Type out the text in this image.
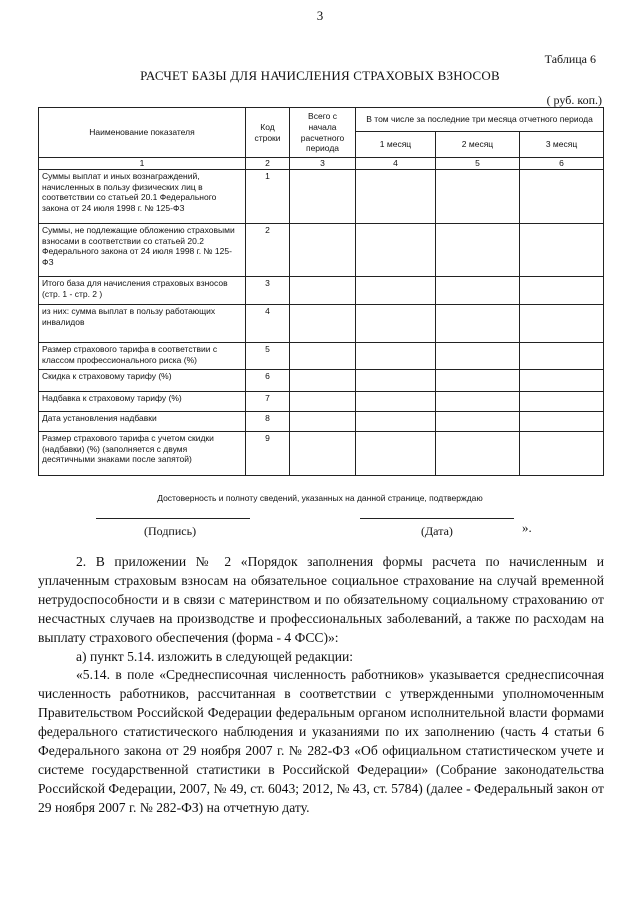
3
Таблица 6
РАСЧЕТ БАЗЫ ДЛЯ НАЧИСЛЕНИЯ СТРАХОВЫХ ВЗНОСОВ
( руб. коп.)
Наименование показателя	Код строки	Всего с начала расчетного периода	В том числе за последние три месяца отчетного периода		
			1 месяц	2 месяц	3 месяц
1	2	3	4	5	6
Суммы выплат и иных вознаграждений, начисленных в пользу физических лиц в соответствии со статьей 20.1 Федерального закона от 24 июля 1998 г. № 125-ФЗ	1				
Суммы, не подлежащие обложению страховыми взносами в соответствии со статьей 20.2 Федерального закона от 24 июля 1998 г. № 125-ФЗ	2				
Итого база для начисления страховых взносов (стр. 1 - стр. 2 )	3				
из них: сумма выплат в пользу работающих инвалидов	4				
Размер страхового тарифа в соответствии с классом профессионального риска (%)	5				
Скидка к страховому тарифу (%)	6				
Надбавка к страховому тарифу (%)	7				
Дата установления надбавки	8				
Размер страхового тарифа с учетом скидки (надбавки) (%) (заполняется с двумя десятичными знаками после запятой)	9				
Достоверность и полноту сведений, указанных на данной странице, подтверждаю
(Подпись)	(Дата)	».

2. В приложении № 2 «Порядок заполнения формы расчета по начисленным и уплаченным страховым взносам на обязательное социальное страхование на случай временной нетрудоспособности и в связи с материнством и по обязательному социальному страхованию от несчастных случаев на производстве и профессиональных заболеваний, а также по расходам на выплату страхового обеспечения (форма - 4 ФСС)»:

а) пункт 5.14. изложить в следующей редакции:

«5.14. в поле «Среднесписочная численность работников» указывается среднесписочная численность работников, рассчитанная в соответствии с утвержденными уполномоченным Правительством Российской Федерации федеральным органом исполнительной власти формами федерального статистического наблюдения и указаниями по их заполнению (часть 4 статьи 6 Федерального закона от 29 ноября 2007 г. № 282-ФЗ «Об официальном статистическом учете и системе государственной статистики в Российской Федерации» (Собрание законодательства Российской Федерации, 2007, № 49, ст. 6043; 2012, № 43, ст. 5784) (далее - Федеральный закон от 29 ноября 2007 г. № 282-ФЗ) на отчетную дату.
